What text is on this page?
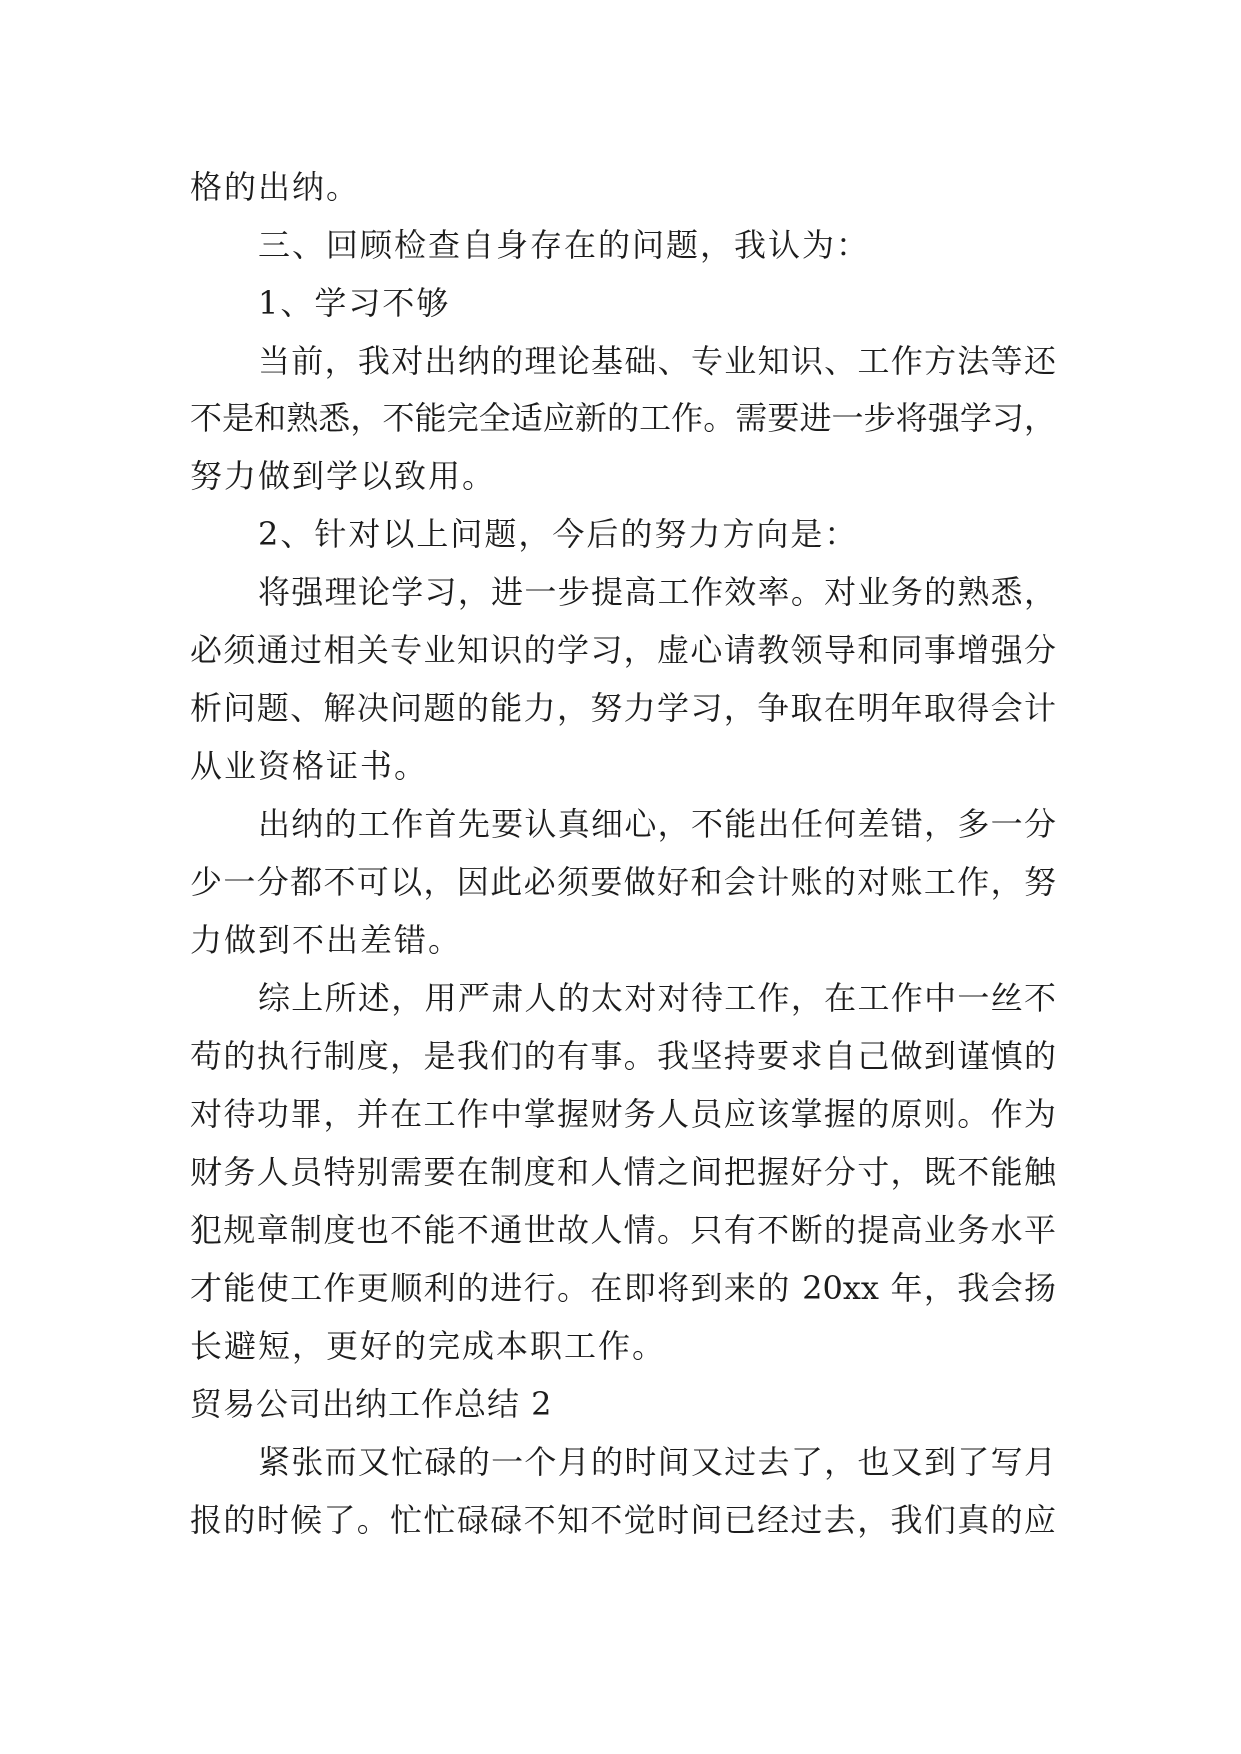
格的出纳。
三、回顾检查自身存在的问题，我认为：
1、学习不够
当前，我对出纳的理论基础、专业知识、工作方法等还
不是和熟悉，不能完全适应新的工作。需要进一步将强学习，
努力做到学以致用。
2、针对以上问题，今后的努力方向是：
将强理论学习，进一步提高工作效率。对业务的熟悉，
必须通过相关专业知识的学习，虚心请教领导和同事增强分
析问题、解决问题的能力，努力学习，争取在明年取得会计
从业资格证书。
出纳的工作首先要认真细心，不能出任何差错，多一分
少一分都不可以，因此必须要做好和会计账的对账工作，努
力做到不出差错。
综上所述，用严肃人的太对对待工作，在工作中一丝不
苟的执行制度，是我们的有事。我坚持要求自己做到谨慎的
对待功罪，并在工作中掌握财务人员应该掌握的原则。作为
财务人员特别需要在制度和人情之间把握好分寸，既不能触
犯规章制度也不能不通世故人情。只有不断的提高业务水平
才能使工作更顺利的进行。在即将到来的 20xx 年，我会扬
长避短，更好的完成本职工作。
贸易公司出纳工作总结 2
紧张而又忙碌的一个月的时间又过去了，也又到了写月
报的时候了。忙忙碌碌不知不觉时间已经过去，我们真的应
